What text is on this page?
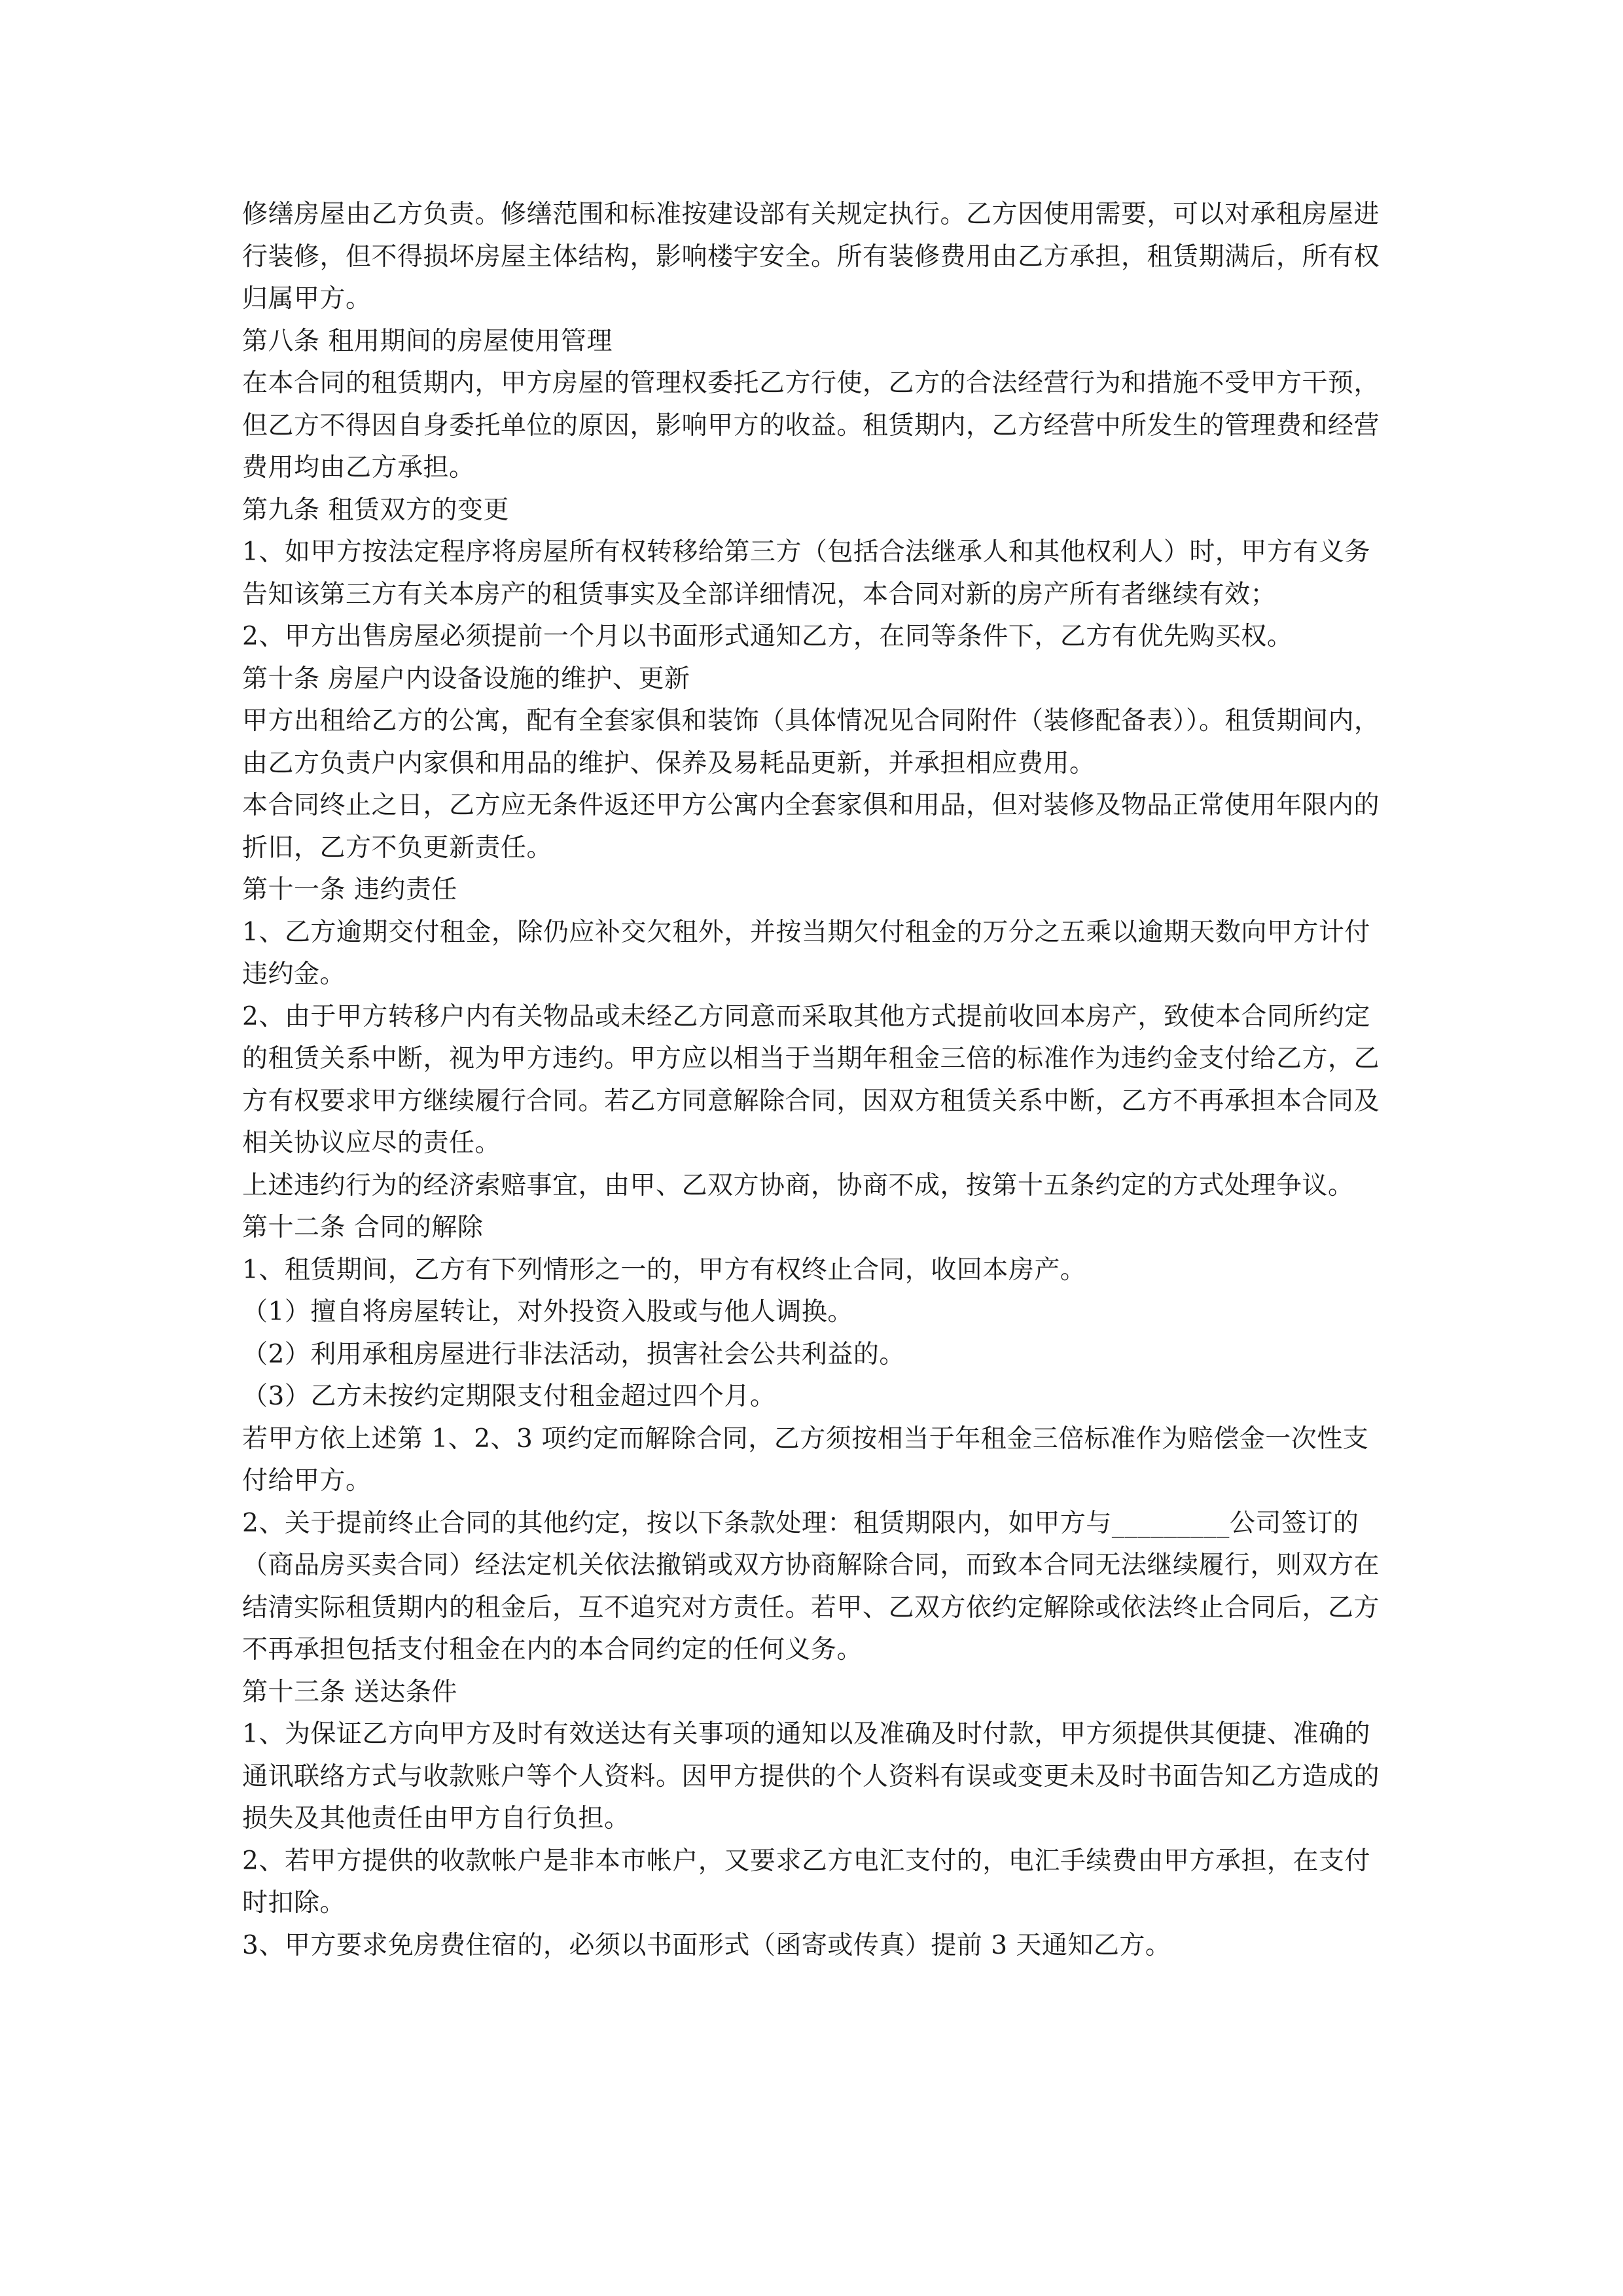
修缮房屋由乙方负责。修缮范围和标准按建设部有关规定执行。乙方因使用需要，可以对承租房屋进行装修，但不得损坏房屋主体结构，影响楼宇安全。所有装修费用由乙方承担，租赁期满后，所有权归属甲方。

第八条 租用期间的房屋使用管理

在本合同的租赁期内，甲方房屋的管理权委托乙方行使，乙方的合法经营行为和措施不受甲方干预，但乙方不得因自身委托单位的原因，影响甲方的收益。租赁期内，乙方经营中所发生的管理费和经营费用均由乙方承担。

第九条 租赁双方的变更

1、如甲方按法定程序将房屋所有权转移给第三方（包括合法继承人和其他权利人）时，甲方有义务告知该第三方有关本房产的租赁事实及全部详细情况，本合同对新的房产所有者继续有效；

2、甲方出售房屋必须提前一个月以书面形式通知乙方，在同等条件下，乙方有优先购买权。

第十条 房屋户内设备设施的维护、更新

甲方出租给乙方的公寓，配有全套家俱和装饰（具体情况见合同附件（装修配备表））。租赁期间内，由乙方负责户内家俱和用品的维护、保养及易耗品更新，并承担相应费用。

本合同终止之日，乙方应无条件返还甲方公寓内全套家俱和用品，但对装修及物品正常使用年限内的折旧，乙方不负更新责任。

第十一条 违约责任

1、乙方逾期交付租金，除仍应补交欠租外，并按当期欠付租金的万分之五乘以逾期天数向甲方计付违约金。

2、由于甲方转移户内有关物品或未经乙方同意而采取其他方式提前收回本房产，致使本合同所约定的租赁关系中断，视为甲方违约。甲方应以相当于当期年租金三倍的标准作为违约金支付给乙方，乙方有权要求甲方继续履行合同。若乙方同意解除合同，因双方租赁关系中断，乙方不再承担本合同及相关协议应尽的责任。

上述违约行为的经济索赔事宜，由甲、乙双方协商，协商不成，按第十五条约定的方式处理争议。

第十二条 合同的解除

1、租赁期间，乙方有下列情形之一的，甲方有权终止合同，收回本房产。

（1）擅自将房屋转让，对外投资入股或与他人调换。

（2）利用承租房屋进行非法活动，损害社会公共利益的。

（3）乙方未按约定期限支付租金超过四个月。

若甲方依上述第 1、2、3 项约定而解除合同，乙方须按相当于年租金三倍标准作为赔偿金一次性支付给甲方。

2、关于提前终止合同的其他约定，按以下条款处理：租赁期限内，如甲方与_________公司签订的（商品房买卖合同）经法定机关依法撤销或双方协商解除合同，而致本合同无法继续履行，则双方在结清实际租赁期内的租金后，互不追究对方责任。若甲、乙双方依约定解除或依法终止合同后，乙方不再承担包括支付租金在内的本合同约定的任何义务。

第十三条 送达条件

1、为保证乙方向甲方及时有效送达有关事项的通知以及准确及时付款，甲方须提供其便捷、准确的通讯联络方式与收款账户等个人资料。因甲方提供的个人资料有误或变更未及时书面告知乙方造成的损失及其他责任由甲方自行负担。

2、若甲方提供的收款帐户是非本市帐户，又要求乙方电汇支付的，电汇手续费由甲方承担，在支付时扣除。

3、甲方要求免房费住宿的，必须以书面形式（函寄或传真）提前 3 天通知乙方。
